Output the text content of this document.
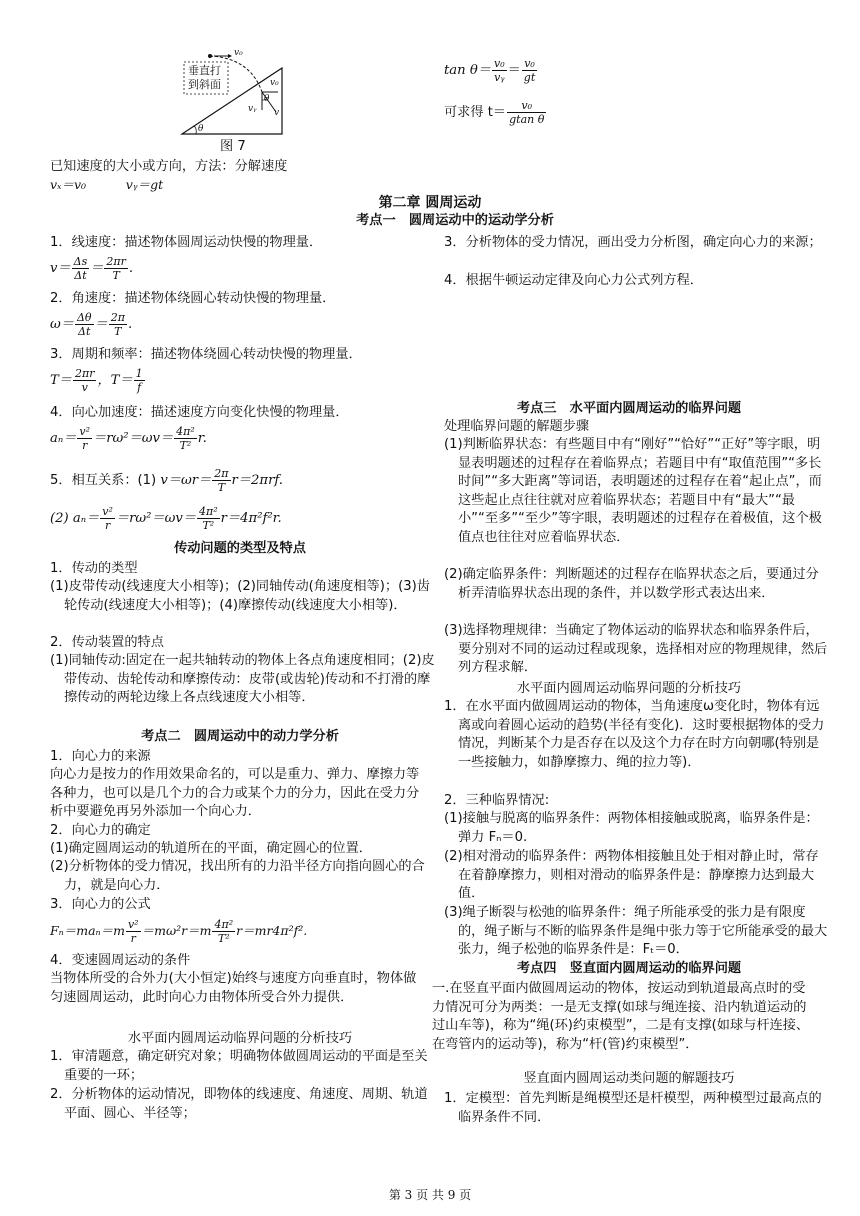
垂直打
到斜面
v₀
v₀
vᵧ v
θ
θ
图 7
已知速度的大小或方向，方法：分解速度
vₓ＝v₀          vᵧ＝gt
$\tan \theta= \frac{\text{v₀}}{\text{vᵧ}} = \frac{\text{v₀}}{gt}$
可求得 $t= \frac{\text{v₀}}{\text{gtan θ}}$
第二章 圆周运动
考点一　圆周运动中的运动学分析
1．线速度：描述物体圆周运动快慢的物理量．
$v= \frac{\Delta s}{\Delta t} = \frac{2\pi r}{T}$ .
2．角速度：描述物体绕圆心转动快慢的物理量．
$\omega= \frac{\Delta\theta}{\Delta t} = \frac{2\pi}{T}$ .
3．周期和频率：描述物体绕圆心转动快慢的物理量．
$T= \frac{2\pi r}{v}$ ，$T= \frac{1}{f}$
4．向心加速度：描述速度方向变化快慢的物理量．
$a_n= \frac{\text{v²}}{r} =r\omega^2=\omega v= \frac{\text{4π²}}{\text{T²}} r$.
5．相互关系：(1) $v=\omega r= \frac{2\pi}{T} r=2\pi rf$.
(2) $a_n= \frac{\text{v²}}{r} =r\omega^2=\omega v= \frac{\text{4π²}}{\text{T²}} r=4\pi^2f^2r$.
传动问题的类型及特点
1．传动的类型
(1)皮带传动(线速度大小相等)；(2)同轴传动(角速度相等)；(3)齿轮传动(线速度大小相等)；(4)摩擦传动(线速度大小相等)．
2．传动装置的特点
(1)同轴传动:固定在一起共轴转动的物体上各点角速度相同；(2)皮带传动、齿轮传动和摩擦传动：皮带(或齿轮)传动和不打滑的摩擦传动的两轮边缘上各点线速度大小相等．
考点二　圆周运动中的动力学分析
1．向心力的来源
向心力是按力的作用效果命名的，可以是重力、弹力、摩擦力等各种力，也可以是几个力的合力或某个力的分力，因此在受力分析中要避免再另外添加一个向心力．
2．向心力的确定
(1)确定圆周运动的轨道所在的平面，确定圆心的位置．
(2)分析物体的受力情况，找出所有的力沿半径方向指向圆心的合力，就是向心力．
3．向心力的公式
$F_n=ma_n=m \frac{\text{v²}}{r} =m\omega^2r=m \frac{\text{4π²}}{\text{T²}} r=mr4\pi^2f^2$.
4．变速圆周运动的条件
当物体所受的合外力(大小恒定)始终与速度方向垂直时，物体做匀速圆周运动，此时向心力由物体所受合外力提供．
水平面内圆周运动临界问题的分析技巧
1．审清题意，确定研究对象；明确物体做圆周运动的平面是至关重要的一环；
2．分析物体的运动情况，即物体的线速度、角速度、周期、轨道平面、圆心、半径等；
3．分析物体的受力情况，画出受力分析图，确定向心力的来源；
4．根据牛顿运动定律及向心力公式列方程．
考点三　水平面内圆周运动的临界问题
处理临界问题的解题步骤
(1)判断临界状态：有些题目中有“刚好”“恰好”“正好”等字眼，明显表明题述的过程存在着临界点；若题目中有“取值范围”“多长时间”“多大距离”等词语，表明题述的过程存在着“起止点”，而这些起止点往往就对应着临界状态；若题目中有“最大”“最小”“至多”“至少”等字眼，表明题述的过程存在着极值，这个极值点也往往对应着临界状态．
(2)确定临界条件：判断题述的过程存在临界状态之后，要通过分析弄清临界状态出现的条件，并以数学形式表达出来．
(3)选择物理规律：当确定了物体运动的临界状态和临界条件后，要分别对不同的运动过程或现象，选择相对应的物理规律，然后列方程求解．
水平面内圆周运动临界问题的分析技巧
1．在水平面内做圆周运动的物体，当角速度ω变化时，物体有远离或向着圆心运动的趋势(半径有变化)．这时要根据物体的受力情况，判断某个力是否存在以及这个力存在时方向朝哪(特别是一些接触力，如静摩擦力、绳的拉力等)．
2．三种临界情况:
(1)接触与脱离的临界条件：两物体相接触或脱离，临界条件是：弹力 Fₙ＝0.
(2)相对滑动的临界条件：两物体相接触且处于相对静止时，常存在着静摩擦力，则相对滑动的临界条件是：静摩擦力达到最大值．
(3)绳子断裂与松弛的临界条件：绳子所能承受的张力是有限度的，绳子断与不断的临界条件是绳中张力等于它所能承受的最大张力，绳子松弛的临界条件是：Fₜ＝0．
考点四　竖直面内圆周运动的临界问题
一.在竖直平面内做圆周运动的物体，按运动到轨道最高点时的受力情况可分为两类：一是无支撑(如球与绳连接、沿内轨道运动的过山车等)，称为“绳(环)约束模型”，二是有支撑(如球与杆连接、在弯管内的运动等)，称为“杆(管)约束模型”．
竖直面内圆周运动类问题的解题技巧
1．定模型：首先判断是绳模型还是杆模型，两种模型过最高点的临界条件不同．
第 3 页 共 9 页
